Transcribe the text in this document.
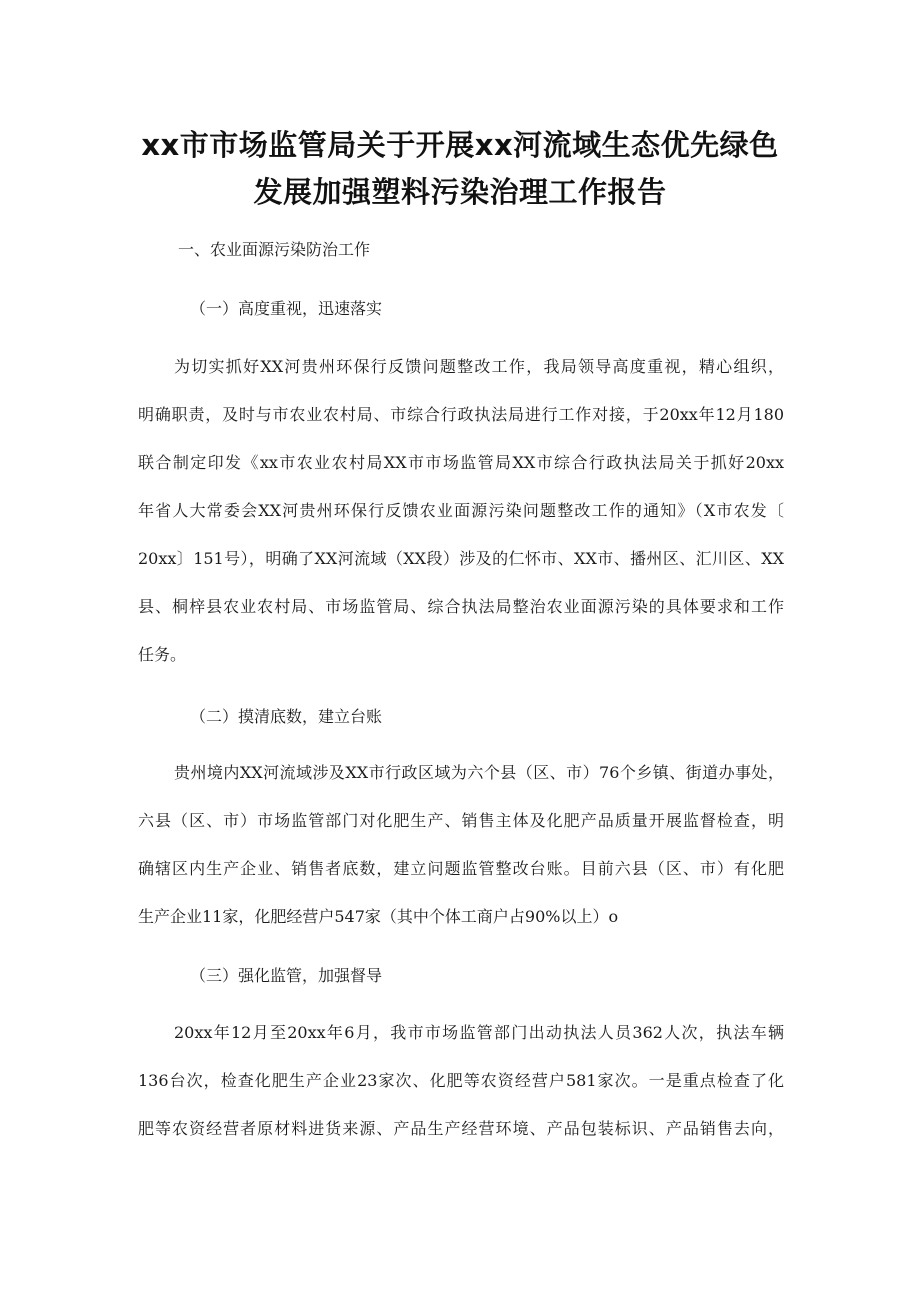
xx市市场监管局关于开展xx河流域生态优先绿色
发展加强塑料污染治理工作报告

一、农业面源污染防治工作

（一）高度重视，迅速落实

为切实抓好XX河贵州环保行反馈问题整改工作，我局领导高度重视，精心组织，
明确职责，及时与市农业农村局、市综合行政执法局进行工作对接，于20xx年12月180
联合制定印发《xx市农业农村局XX市市场监管局XX市综合行政执法局关于抓好20xx
年省人大常委会XX河贵州环保行反馈农业面源污染问题整改工作的通知》（X市农发〔
20xx〕151号），明确了XX河流域（XX段）涉及的仁怀市、XX市、播州区、汇川区、XX
县、桐梓县农业农村局、市场监管局、综合执法局整治农业面源污染的具体要求和工作
任务。

（二）摸清底数，建立台账

贵州境内XX河流域涉及XX市行政区域为六个县（区、市）76个乡镇、街道办事处，
六县（区、市）市场监管部门对化肥生产、销售主体及化肥产品质量开展监督检查，明
确辖区内生产企业、销售者底数，建立问题监管整改台账。目前六县（区、市）有化肥
生产企业11家，化肥经营户547家（其中个体工商户占90%以上）o

（三）强化监管，加强督导

20xx年12月至20xx年6月，我市市场监管部门出动执法人员362人次，执法车辆
136台次，检查化肥生产企业23家次、化肥等农资经营户581家次。一是重点检查了化
肥等农资经营者原材料进货来源、产品生产经营环境、产品包装标识、产品销售去向，
